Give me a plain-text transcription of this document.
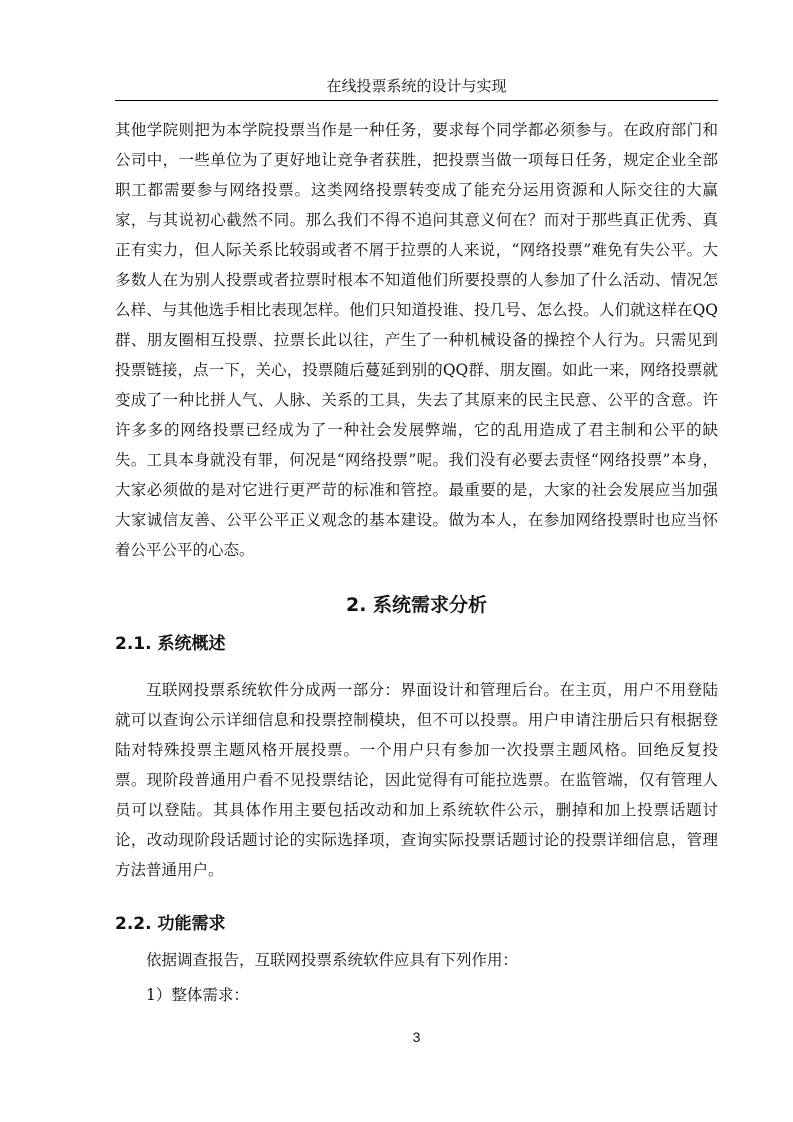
在线投票系统的设计与实现

其他学院则把为本学院投票当作是一种任务，要求每个同学都必须参与。在政府部门和公司中，一些单位为了更好地让竞争者获胜，把投票当做一项每日任务，规定企业全部职工都需要参与网络投票。这类网络投票转变成了能充分运用资源和人际交往的大赢家，与其说初心截然不同。那么我们不得不追问其意义何在？而对于那些真正优秀、真正有实力，但人际关系比较弱或者不屑于拉票的人来说，“网络投票”难免有失公平。大多数人在为别人投票或者拉票时根本不知道他们所要投票的人参加了什么活动、情况怎么样、与其他选手相比表现怎样。他们只知道投谁、投几号、怎么投。人们就这样在QQ群、朋友圈相互投票、拉票长此以往，产生了一种机械设备的操控个人行为。只需见到投票链接，点一下，关心，投票随后蔓延到别的QQ群、朋友圈。如此一来，网络投票就变成了一种比拼人气、人脉、关系的工具，失去了其原来的民主民意、公平的含意。许许多多的网络投票已经成为了一种社会发展弊端，它的乱用造成了君主制和公平的缺失。工具本身就没有罪，何况是“网络投票”呢。我们没有必要去责怪“网络投票”本身，大家必须做的是对它进行更严苛的标准和管控。最重要的是，大家的社会发展应当加强大家诚信友善、公平公平正义观念的基本建设。做为本人，在参加网络投票时也应当怀着公平公平的心态。

2. 系统需求分析
2.1. 系统概述

互联网投票系统软件分成两一部分：界面设计和管理后台。在主页，用户不用登陆就可以查询公示详细信息和投票控制模块，但不可以投票。用户申请注册后只有根据登陆对特殊投票主题风格开展投票。一个用户只有参加一次投票主题风格。回绝反复投票。现阶段普通用户看不见投票结论，因此觉得有可能拉选票。在监管端，仅有管理人员可以登陆。其具体作用主要包括改动和加上系统软件公示，删掉和加上投票话题讨论，改动现阶段话题讨论的实际选择项，查询实际投票话题讨论的投票详细信息，管理方法普通用户。

2.2. 功能需求

依据调查报告，互联网投票系统软件应具有下列作用：

1）整体需求：

3
